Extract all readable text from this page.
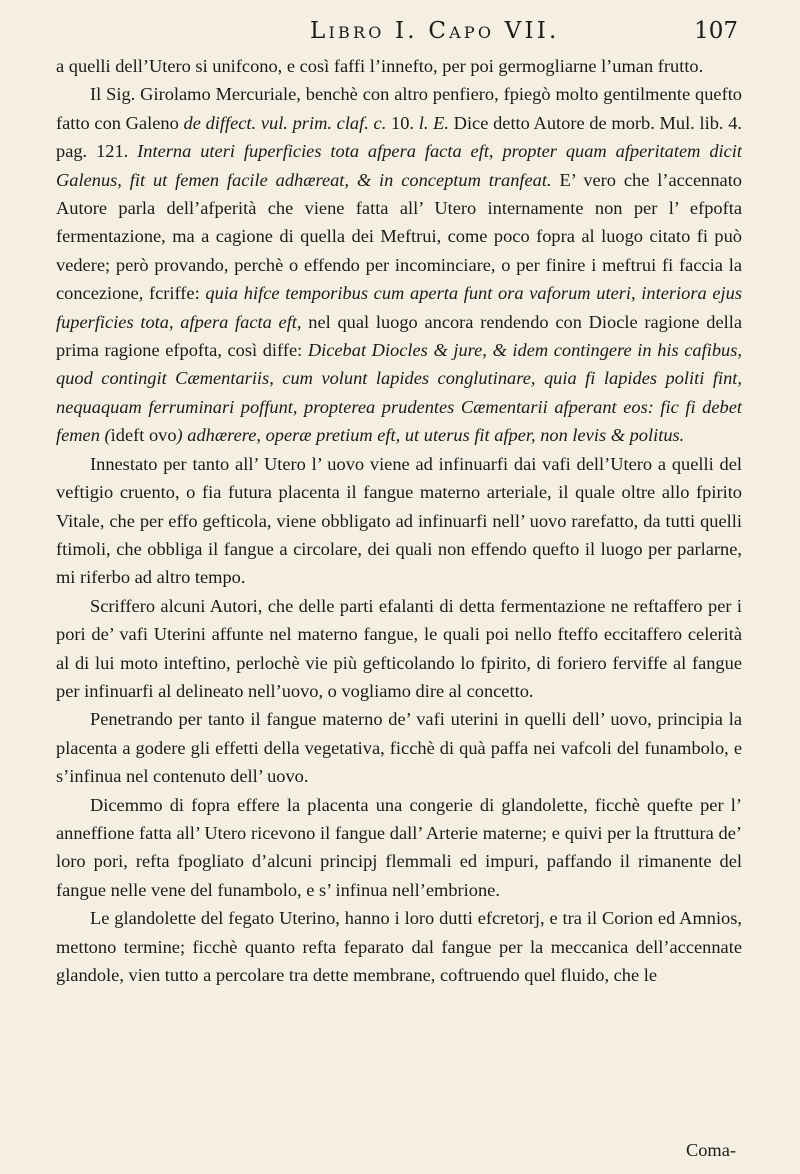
Libro I. Capo VII.	107

a quelli dell’Utero si unifcono, e così faffi l’innefto, per poi germogliarne l’uman frutto.

Il Sig. Girolamo Mercuriale, benchè con altro penfiero, fpiegò molto gentilmente quefto fatto con Galeno de diffect. vul. prim. claf. c. 10. l. E. Dice detto Autore de morb. Mul. lib. 4. pag. 121. Interna uteri fuperficies tota afpera facta eft, propter quam afperitatem dicit Galenus, fit ut femen facile adhæreat, & in conceptum tranfeat. E’ vero che l’accennato Autore parla dell’afperità che viene fatta all’ Utero internamente non per l’ efpofta fermentazione, ma a cagione di quella dei Meftrui, come poco fopra al luogo citato fi può vedere; però provando, perchè o effendo per incominciare, o per finire i meftrui fi faccia la concezione, fcriffe: quia hifce temporibus cum aperta funt ora vaforum uteri, interiora ejus fuperficies tota, afpera facta eft, nel qual luogo ancora rendendo con Diocle ragione della prima ragione efpofta, così diffe: Dicebat Diocles & jure, & idem contingere in his cafibus, quod contingit Cæmentariis, cum volunt lapides conglutinare, quia fi lapides politi fint, nequaquam ferruminari poffunt, propterea prudentes Cæmentarii afperant eos: fic fi debet femen (ideft ovo) adhærere, operæ pretium eft, ut uterus fit afper, non levis & politus.

Innestato per tanto all’ Utero l’ uovo viene ad infinuarfi dai vafi dell’Utero a quelli del veftigio cruento, o fia futura placenta il fangue materno arteriale, il quale oltre allo fpirito Vitale, che per effo gefticola, viene obbligato ad infinuarfi nell’ uovo rarefatto, da tutti quelli ftimoli, che obbliga il fangue a circolare, dei quali non effendo quefto il luogo per parlarne, mi riferbo ad altro tempo.

Scriffero alcuni Autori, che delle parti efalanti di detta fermentazione ne reftaffero per i pori de’ vafi Uterini affunte nel materno fangue, le quali poi nello fteffo eccitaffero celerità al di lui moto inteftino, perlochè vie più gefticolando lo fpirito, di foriero ferviffe al fangue per infinuarfi al delineato nell’uovo, o vogliamo dire al concetto.

Penetrando per tanto il fangue materno de’ vafi uterini in quelli dell’ uovo, principia la placenta a godere gli effetti della vegetativa, ficchè di quà paffa nei vafcoli del funambolo, e s’infinua nel contenuto dell’ uovo.

Dicemmo di fopra effere la placenta una congerie di glandolette, ficchè quefte per l’ anneffione fatta all’ Utero ricevono il fangue dall’ Arterie materne; e quivi per la ftruttura de’ loro pori, refta fpogliato d’alcuni principj flemmali ed impuri, paffando il rimanente del fangue nelle vene del funambolo, e s’ infinua nell’embrione.

Le glandolette del fegato Uterino, hanno i loro dutti efcretorj, e tra il Corion ed Amnios, mettono termine; ficchè quanto refta feparato dal fangue per la meccanica dell’accennate glandole, vien tutto a percolare tra dette membrane, coftruendo quel fluido, che le

Coma-
